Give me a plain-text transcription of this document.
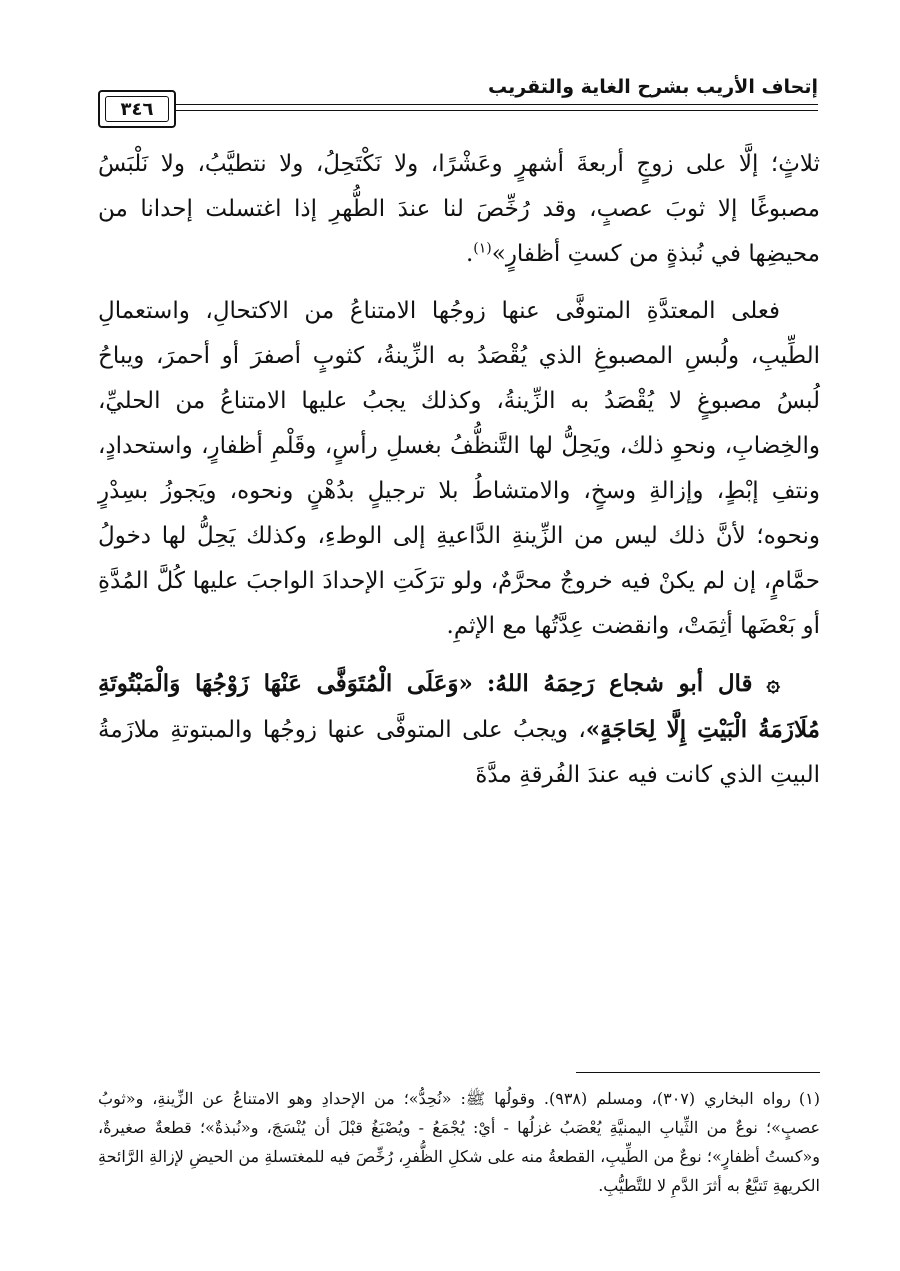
إتحاف الأريب بشرح الغاية والتقريب
٣٤٦

ثلاثٍ؛ إلَّا على زوجٍ أربعةَ أشهرٍ وعَشْرًا، ولا نَكْتَحِلُ، ولا نتطيَّبُ، ولا نَلْبَسُ مصبوغًا إلا ثوبَ عصبٍ، وقد رُخِّصَ لنا عندَ الطُّهرِ إذا اغتسلت إحدانا من محيضِها في نُبذةٍ من كستِ أظفارٍ»$^{(١)}$.

فعلى المعتدَّةِ المتوفَّى عنها زوجُها الامتناعُ من الاكتحالِ، واستعمالِ الطِّيبِ، ولُبسِ المصبوغِ الذي يُقْصَدُ به الزِّينةُ، كثوبٍ أصفرَ أو أحمرَ، ويباحُ لُبسُ مصبوغٍ لا يُقْصَدُ به الزِّينةُ، وكذلك يجبُ عليها الامتناعُ من الحليِّ، والخِضابِ، ونحوِ ذلك، ويَحِلُّ لها التَّنظُّفُ بغسلِ رأسٍ، وقَلْمِ أظفارٍ، واستحدادٍ، ونتفِ إبْطٍ، وإزالةِ وسخٍ، والامتشاطُ بلا ترجيلٍ بدُهْنٍ ونحوه، ويَجوزُ بسِدْرٍ ونحوه؛ لأنَّ ذلك ليس من الزِّينةِ الدَّاعيةِ إلى الوطءِ، وكذلك يَحِلُّ لها دخولُ حمَّامٍ، إن لم يكنْ فيه خروجٌ محرَّمٌ، ولو ترَكَتِ الإحدادَ الواجبَ عليها كُلَّ المُدَّةِ أو بَعْضَها أثِمَتْ، وانقضت عِدَّتُها مع الإثمِ.

۞ قال أبو شجاع رَحِمَهُ اللهُ: «وَعَلَى الْمُتَوَفَّى عَنْهَا زَوْجُهَا وَالْمَبْتُوتَةِ مُلَازَمَةُ الْبَيْتِ إِلَّا لِحَاجَةٍ»، ويجبُ على المتوفَّى عنها زوجُها والمبتوتةِ ملازَمةُ البيتِ الذي كانت فيه عندَ الفُرقةِ مدَّةَ

(١)رواه البخاري (٣٠٧)، ومسلم (٩٣٨). وقولُها ﷺ: «نُحِدُّ»؛ من الإحدادِ وهو الامتناعُ عن الزِّينةِ، و«ثوبُ عصبٍ»؛ نوعٌ من الثِّيابِ اليمنيَّةِ يُعْصَبُ غزلُها - أيْ: يُجْمَعُ - ويُصْبَغُ قبْلَ أن يُنْسَجَ، و«نُبذةٌ»؛ قطعةٌ صغيرةٌ، و«كستُ أظفارٍ»؛ نوعٌ من الطِّيبِ، القطعةُ منه على شكلِ الظُّفرِ، رُخِّصَ فيه للمغتسلةِ من الحيضِ لإزالةِ الرَّائحةِ الكريهةِ تَتبَّعُ به أثرَ الدَّمِ لا للتَّطيُّبِ.
